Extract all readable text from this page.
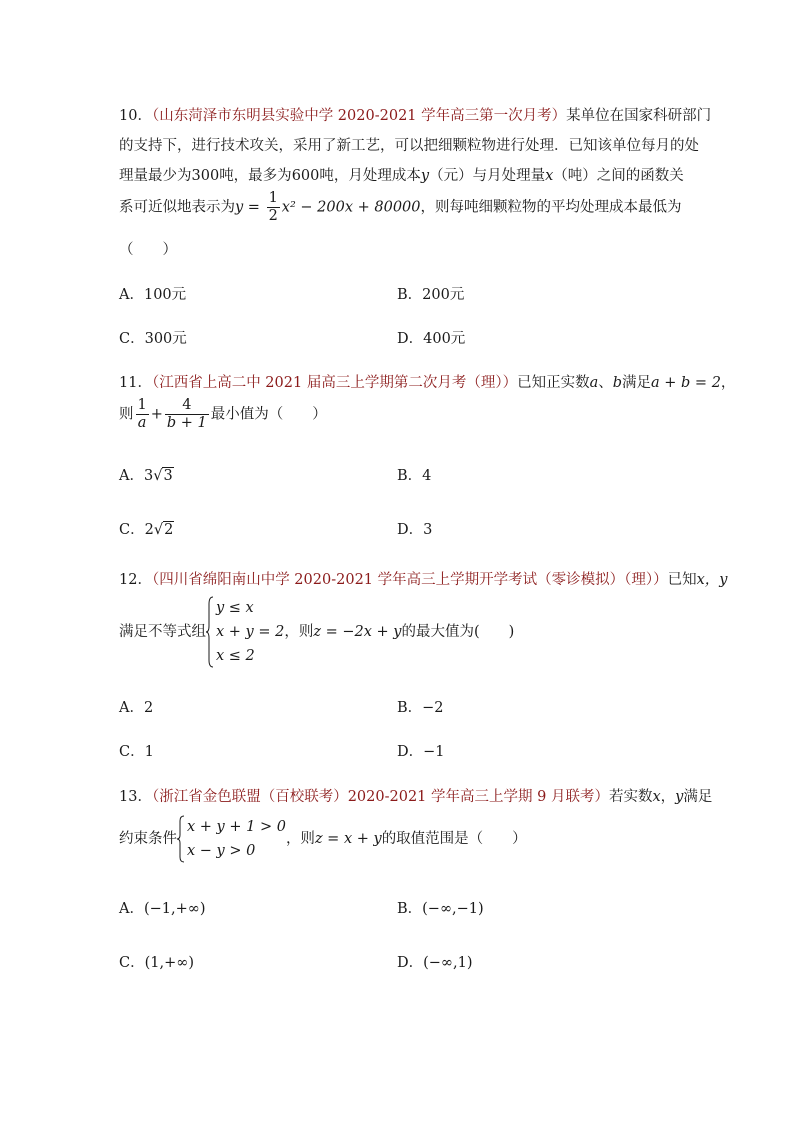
10．（山东菏泽市东明县实验中学 2020-2021 学年高三第一次月考）某单位在国家科研部门
的支持下，进行技术攻关，采用了新工艺，可以把细颗粒物进行处理．已知该单位每月的处
理量最少为300吨，最多为600吨，月处理成本y（元）与月处理量x（吨）之间的函数关
系可近似地表示为$y = \frac{1}{2} x^2 - 200x + 80000$，则每吨细颗粒物的平均处理成本最低为
（　　）
A．100元	B．200元
C．300元	D．400元
11．（江西省上高二中 2021 届高三上学期第二次月考（理））已知正实数a、b满足a + b = 2，
则 $\frac{1}{a} + \frac{4}{b + 1}$ 最小值为（　　）
A．3√3	B．4
C．2√2	D．3
12．（四川省绵阳南山中学 2020-2021 学年高三上学期开学考试（零诊模拟）（理））已知x，y
满足不等式组
y ≤ x
x + y = 2
x ≤ 2
，则z = −2x + y的最大值为(　　)
A．2	B．−2
C．1	D．−1
13．（浙江省金色联盟（百校联考）2020-2021 学年高三上学期 9 月联考）若实数x，y满足
约束条件
x + y + 1 > 0
x − y > 0
，则z = x + y的取值范围是（　　）
A．(−1,+∞)	B．(−∞,−1)
C．(1,+∞)	D．(−∞,1)
